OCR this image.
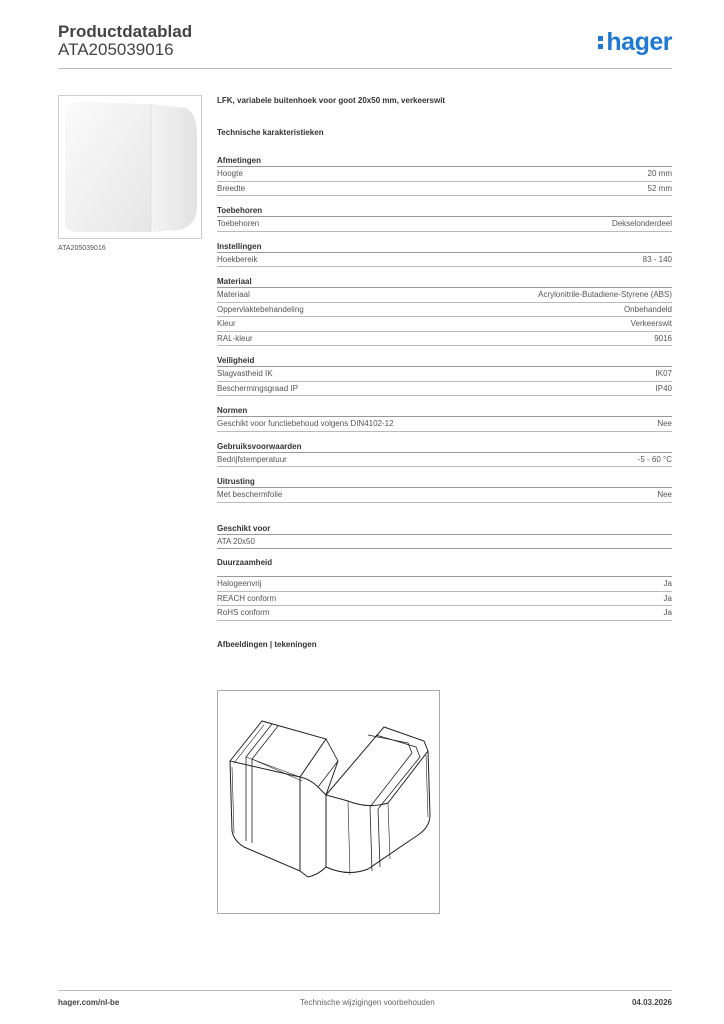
Productdatablad
ATA205039016	hager
ATA205039016
LFK, variabele buitenhoek voor goot 20x50 mm, verkeerswit
Technische karakteristieken
Afmetingen
Hoogte	20 mm
Breedte	52 mm
Toebehoren
Toebehoren	Dekselonderdeel
Instellingen
Hoekbereik	83 - 140
Materiaal
Materiaal	Acrylonitrile-Butadiene-Styrene (ABS)
Oppervlaktebehandeling	Onbehandeld
Kleur	Verkeerswit
RAL-kleur	9016
Veiligheid
Slagvastheid IK	IK07
Beschermingsgraad IP	IP40
Normen
Geschikt voor functiebehoud volgens DIN4102-12	Nee
Gebruiksvoorwaarden
Bedrijfstemperatuur	-5 - 60 °C
Uitrusting
Met beschermfolie	Nee
Geschikt voor
ATA 20x50
Duurzaamheid
Halogeenvrij	Ja
REACH conform	Ja
RoHS conform	Ja
Afbeeldingen | tekeningen
hager.com/nl-be	Technische wijzigingen voorbehouden	04.03.2026
